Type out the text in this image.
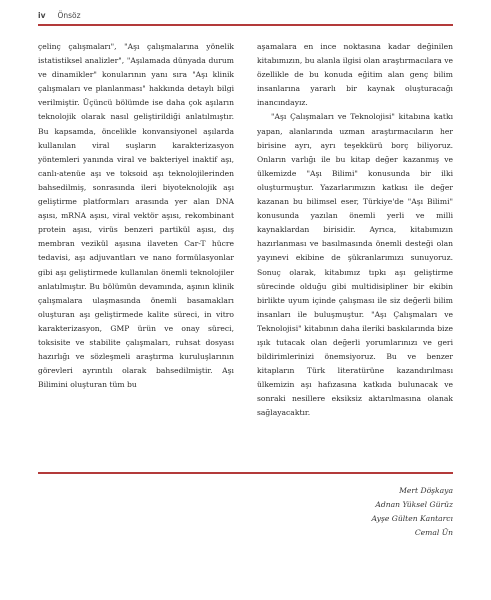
iv Önsöz

çelinç çalışmaları", "Aşı çalışmalarına yönelik istatistiksel analizler", "Aşılamada dünyada durum ve dinamikler" konularının yanı sıra "Aşı klinik çalışmaları ve planlanması" hakkında detaylı bilgi verilmiştir. Üçüncü bölümde ise daha çok aşıların teknolojik olarak nasıl geliştirildiği anlatılmıştır. Bu kapsamda, öncelikle konvansiyonel aşılarda kullanılan viral suşların karakterizasyon yöntemleri yanında viral ve bakteriyel inaktif aşı, canlı-atenüe aşı ve toksoid aşı teknolojilerinden bahsedilmiş, sonrasında ileri biyoteknolojik aşı geliştirme platformları arasında yer alan DNA aşısı, mRNA aşısı, viral vektör aşısı, rekombinant protein aşısı, virüs benzeri partikül aşısı, dış membran vezikül aşısına ilaveten Car-T hücre tedavisi, aşı adjuvantları ve nano formülasyonlar gibi aşı geliştirmede kullanılan önemli teknolojiler anlatılmıştır. Bu bölümün devamında, aşının klinik çalışmalara ulaşmasında önemli basamakları oluşturan aşı geliştirmede kalite süreci, in vitro karakterizasyon, GMP ürün ve onay süreci, toksisite ve stabilite çalışmaları, ruhsat dosyası hazırlığı ve sözleşmeli araştırma kuruluşlarının görevleri ayrıntılı olarak bahsedilmiştir. Aşı Bilimini oluşturan tüm bu

aşamalara en ince noktasına kadar değinilen kitabımızın, bu alanla ilgisi olan araştırmacılara ve özellikle de bu konuda eğitim alan genç bilim insanlarına yararlı bir kaynak oluşturacağı inancındayız.

"Aşı Çalışmaları ve Teknolojisi" kitabına katkı yapan, alanlarında uzman araştırmacıların her birisine ayrı, ayrı teşekkürü borç biliyoruz. Onların varlığı ile bu kitap değer kazanmış ve ülkemizde "Aşı Bilimi" konusunda bir ilki oluşturmuştur. Yazarlarımızın katkısı ile değer kazanan bu bilimsel eser, Türkiye'de "Aşı Bilimi" konusunda yazılan önemli yerli ve milli kaynaklardan birisidir. Ayrıca, kitabımızın hazırlanması ve basılmasında önemli desteği olan yayınevi ekibine de şükranlarımızı sunuyoruz. Sonuç olarak, kitabımız tıpkı aşı geliştirme sürecinde olduğu gibi multidisipliner bir ekibin birlikte uyum içinde çalışması ile siz değerli bilim insanları ile buluşmuştur. "Aşı Çalışmaları ve Teknolojisi" kitabının daha ileriki baskılarında bize ışık tutacak olan değerli yorumlarınızı ve geri bildirimlerinizi önemsiyoruz. Bu ve benzer kitapların Türk literatürüne kazandırılması ülkemizin aşı hafızasına katkıda bulunacak ve sonraki nesillere eksiksiz aktarılmasına olanak sağlayacaktır.

Mert Döşkaya
Adnan Yüksel Gürüz
Ayşe Gülten Kantarcı
Cemal Ün
